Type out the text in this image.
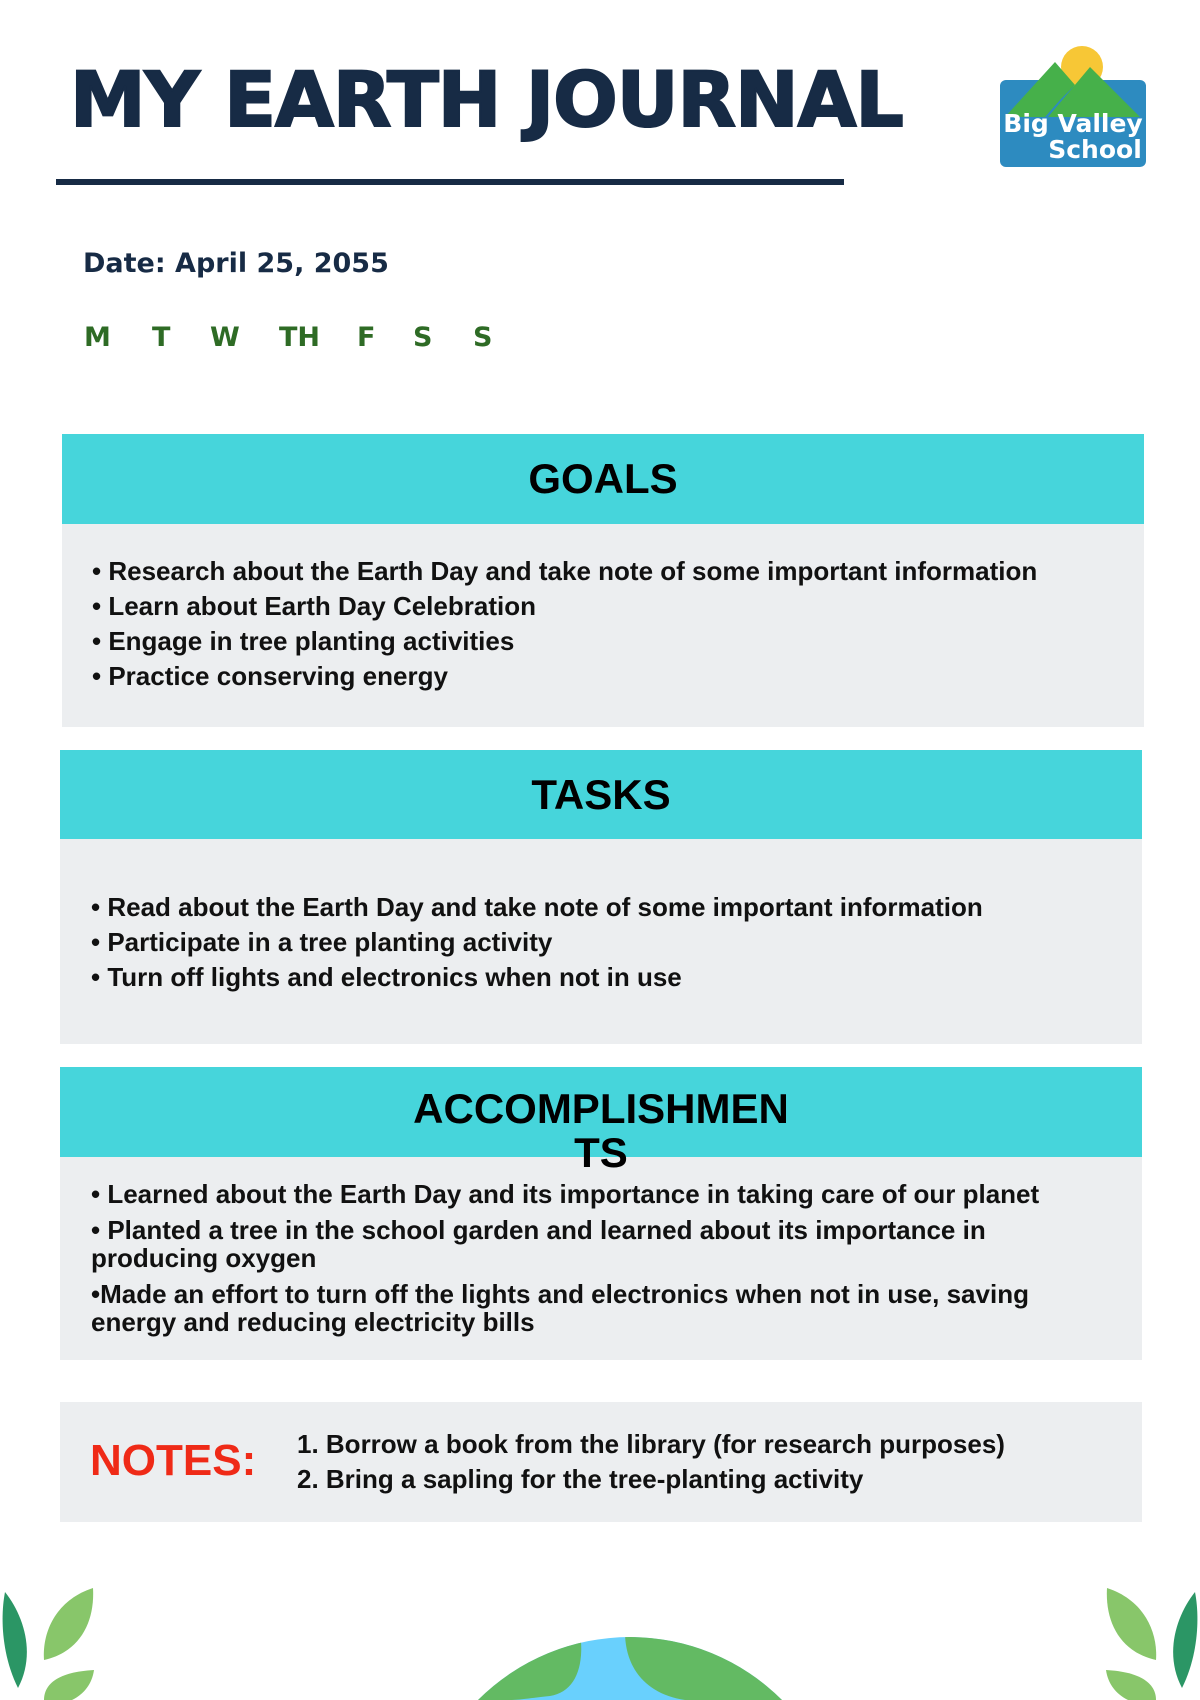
MY EARTH JOURNAL	Big Valley
School
Date: April 25, 2055
M T W TH F S S
GOALS
• Research about the Earth Day and take note of some important information
• Learn about Earth Day Celebration
• Engage in tree planting activities
• Practice conserving energy
TASKS
• Read about the Earth Day and take note of some important information
• Participate in a tree planting activity
• Turn off lights and electronics when not in use
ACCOMPLISHMEN
TS
• Learned about the Earth Day and its importance in taking care of our planet
• Planted a tree in the school garden and learned about its importance in producing oxygen
•Made an effort to turn off the lights and electronics when not in use, saving energy and reducing electricity bills
1. Borrow a book from the library (for research purposes)
2. Bring a sapling for the tree-planting activity
NOTES:
